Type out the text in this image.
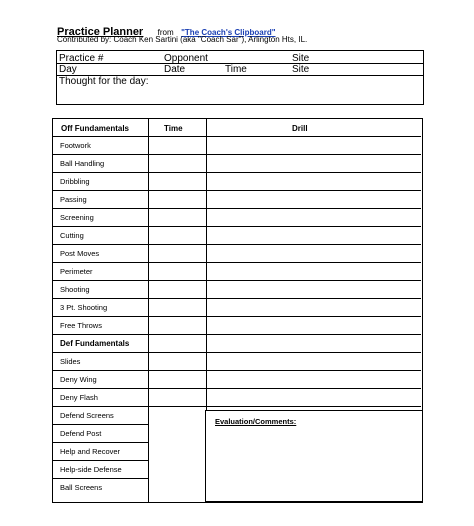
Practice Planner from "The Coach's Clipboard"
Contributed by: Coach Ken Sartini (aka "Coach Sar"), Arlington Hts, IL.
Practice #	Opponent	Site
Day	Date	Time	Site
Thought for the day:
Off Fundamentals	Time	Drill
Footwork
Ball Handling
Dribbling
Passing
Screening
Cutting
Post Moves
Perimeter
Shooting
3 Pt. Shooting
Free Throws
Def Fundamentals
Slides
Deny Wing
Deny Flash
Defend Screens
Defend Post
Help and Recover
Help-side Defense
Ball Screens
Evaluation/Comments:
